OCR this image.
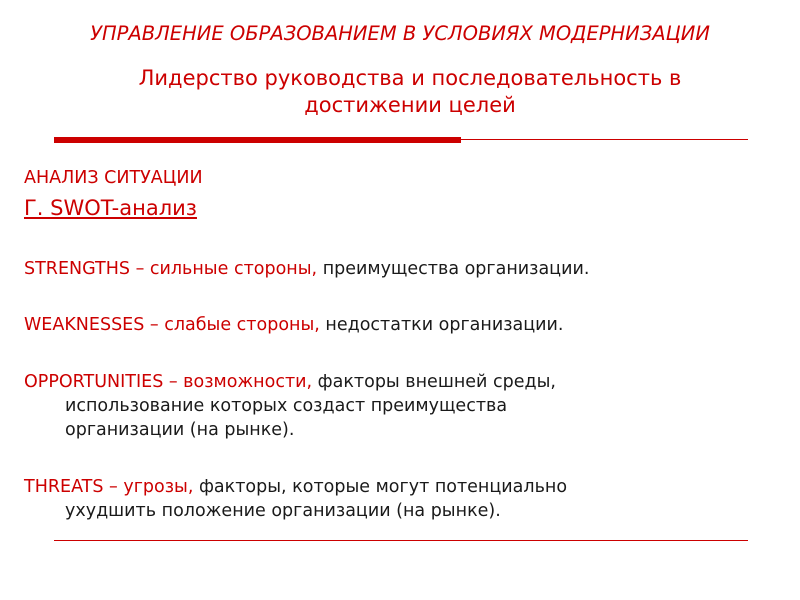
УПРАВЛЕНИЕ ОБРАЗОВАНИЕМ В УСЛОВИЯХ МОДЕРНИЗАЦИИ
Лидерство руководства и последовательность в
достижении целей
АНАЛИЗ СИТУАЦИИ
Г. SWOT-анализ
STRENGTHS – сильные стороны, преимущества организации.
WEAKNESSES – слабые стороны, недостатки организации.
OPPORTUNITIES – возможности, факторы внешней среды,
использование которых создаст преимущества
организации (на рынке).
THREATS – угрозы, факторы, которые могут потенциально
ухудшить положение организации (на рынке).
